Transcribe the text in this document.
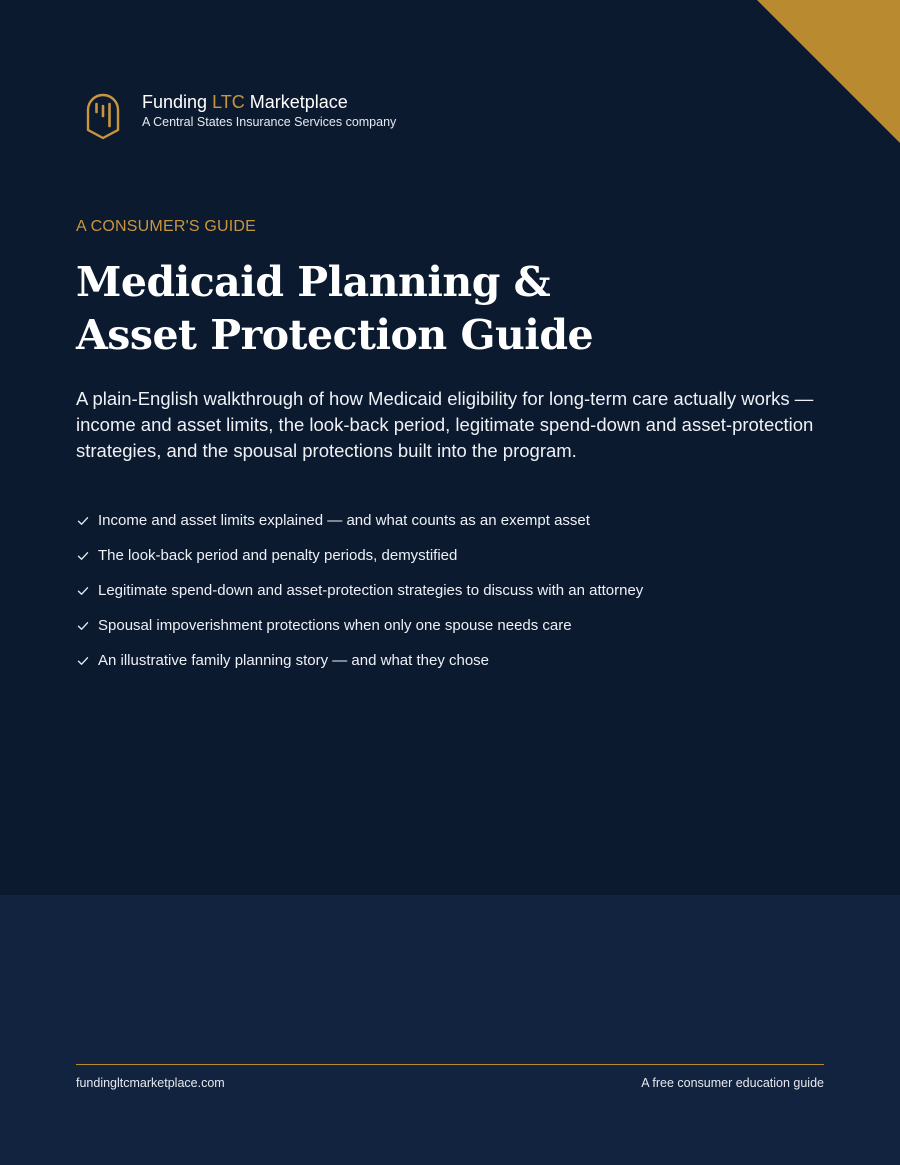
Funding LTC Marketplace
A Central States Insurance Services company
A CONSUMER'S GUIDE
Medicaid Planning &
Asset Protection Guide

A plain-English walkthrough of how Medicaid eligibility for long-term care actually works — income and asset limits, the look-back period, legitimate spend-down and asset-protection strategies, and the spousal protections built into the program.

Income and asset limits explained — and what counts as an exempt asset
The look-back period and penalty periods, demystified
Legitimate spend-down and asset-protection strategies to discuss with an attorney
Spousal impoverishment protections when only one spouse needs care
An illustrative family planning story — and what they chose
fundingltcmarketplace.com	A free consumer education guide
